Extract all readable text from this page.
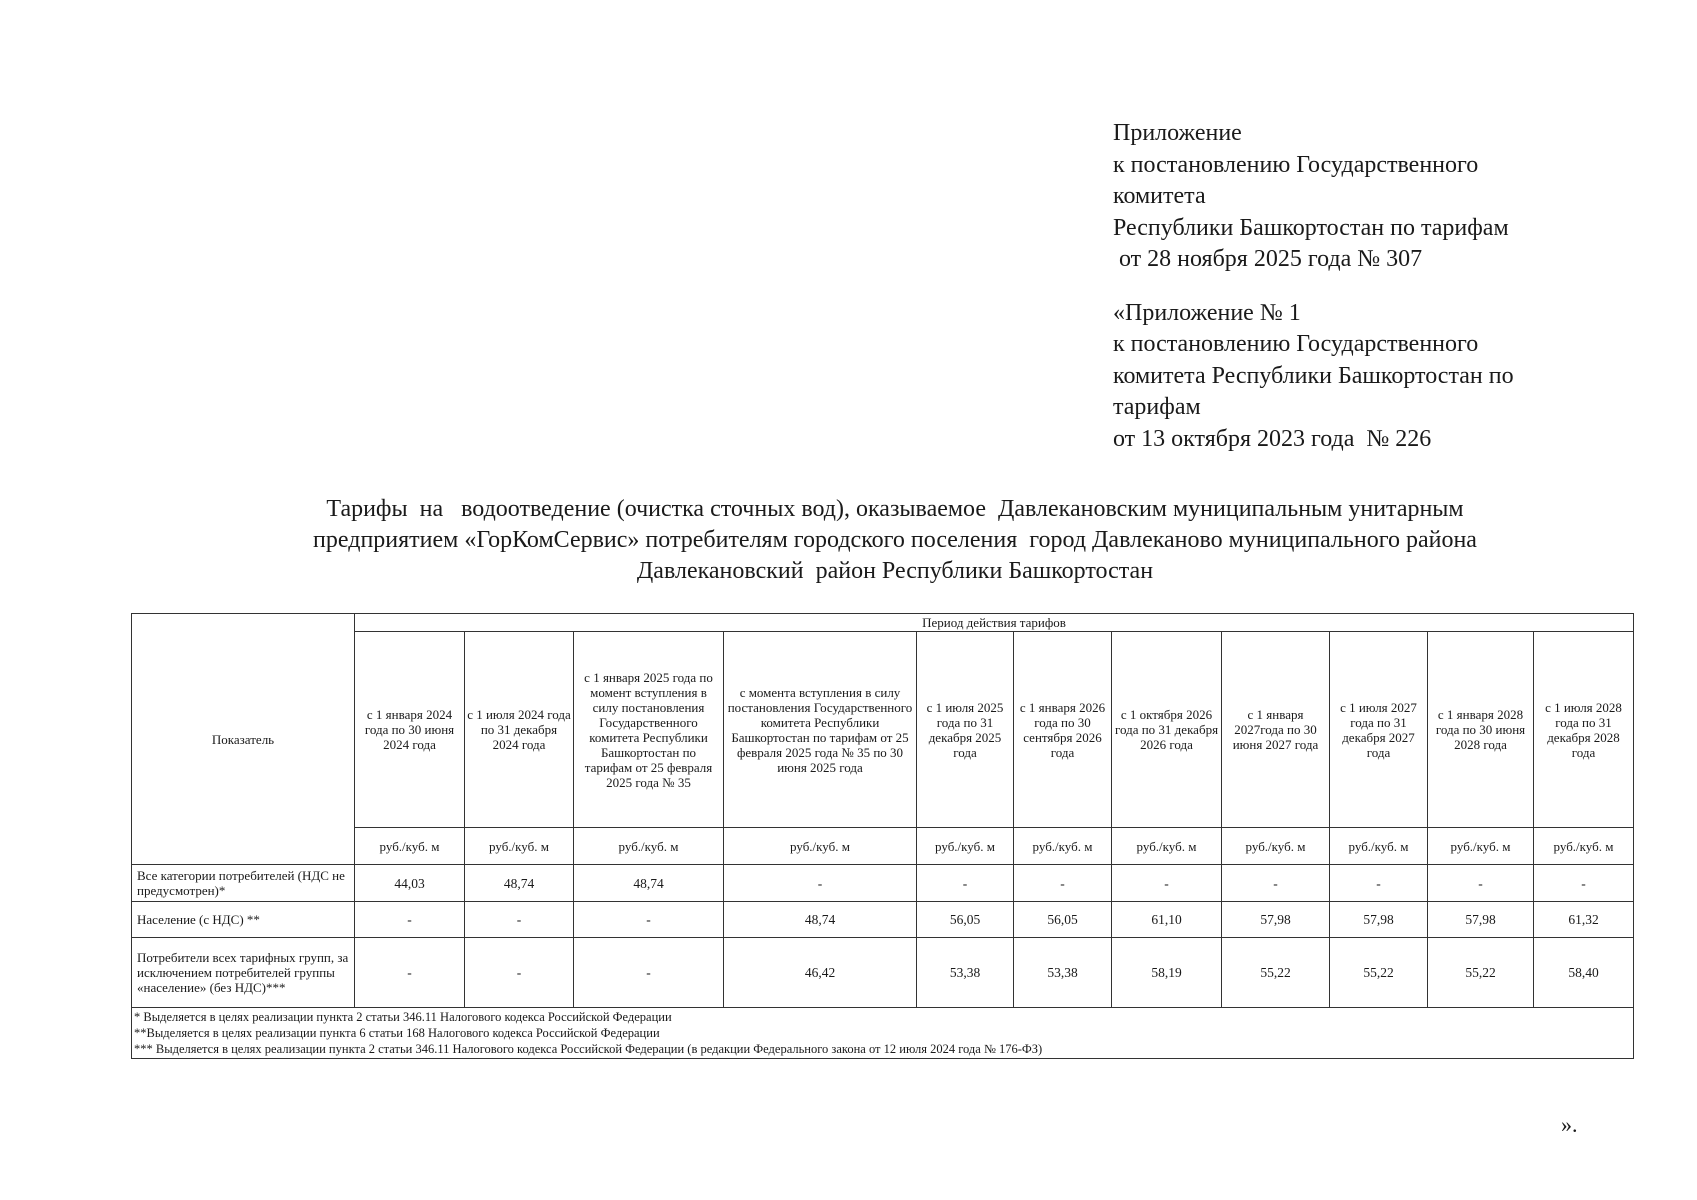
Приложение
к постановлению Государственного
комитета
Республики Башкортостан по тарифам
от 28 ноября 2025 года № 307
«Приложение № 1
к постановлению Государственного
комитета Республики Башкортостан по
тарифам
от 13 октября 2023 года  № 226
Тарифы  на   водоотведение (очистка сточных вод), оказываемое  Давлекановским муниципальным унитарным
предприятием «ГорКомСервис» потребителям городского поселения  город Давлеканово муниципального района
Давлекановский  район Республики Башкортостан
Показатель	Период действия тарифов										
	с 1 января 2024 года по 30 июня 2024 года	с 1 июля 2024 года по 31 декабря 2024 года	с 1 января 2025 года по момент вступления в силу постановления Государственного комитета Республики Башкортостан по тарифам от 25 февраля 2025 года № 35	с момента вступления в силу постановления Государственного комитета Республики Башкортостан по тарифам от 25 февраля 2025 года № 35 по 30 июня 2025 года	с 1 июля 2025 года по 31 декабря 2025 года	с 1 января 2026 года по 30 сентября 2026 года	с 1 октября 2026 года по 31 декабря 2026 года	с 1 января 2027года по 30 июня 2027 года	с 1 июля 2027 года по 31 декабря 2027 года	с 1 января 2028 года по 30 июня 2028 года	с 1 июля 2028 года по 31 декабря 2028 года
	руб./куб. м	руб./куб. м	руб./куб. м	руб./куб. м	руб./куб. м	руб./куб. м	руб./куб. м	руб./куб. м	руб./куб. м	руб./куб. м	руб./куб. м
Все категории потребителей (НДС не предусмотрен)*	44,03	48,74	48,74	-	-	-	-	-	-	-	-
Население (с НДС) **	-	-	-	48,74	56,05	56,05	61,10	57,98	57,98	57,98	61,32
Потребители всех тарифных групп, за исключением потребителей группы «население» (без НДС)***	-	-	-	46,42	53,38	53,38	58,19	55,22	55,22	55,22	58,40

* Выделяется в целях реализации пункта 2 статьи 346.11 Налогового кодекса Российской Федерации
**Выделяется в целях реализации пункта 6 статьи 168 Налогового кодекса Российской Федерации
*** Выделяется в целях реализации пункта 2 статьи 346.11 Налогового кодекса Российской Федерации (в редакции Федерального закона от 12 июля 2024 года № 176-ФЗ)											
».
